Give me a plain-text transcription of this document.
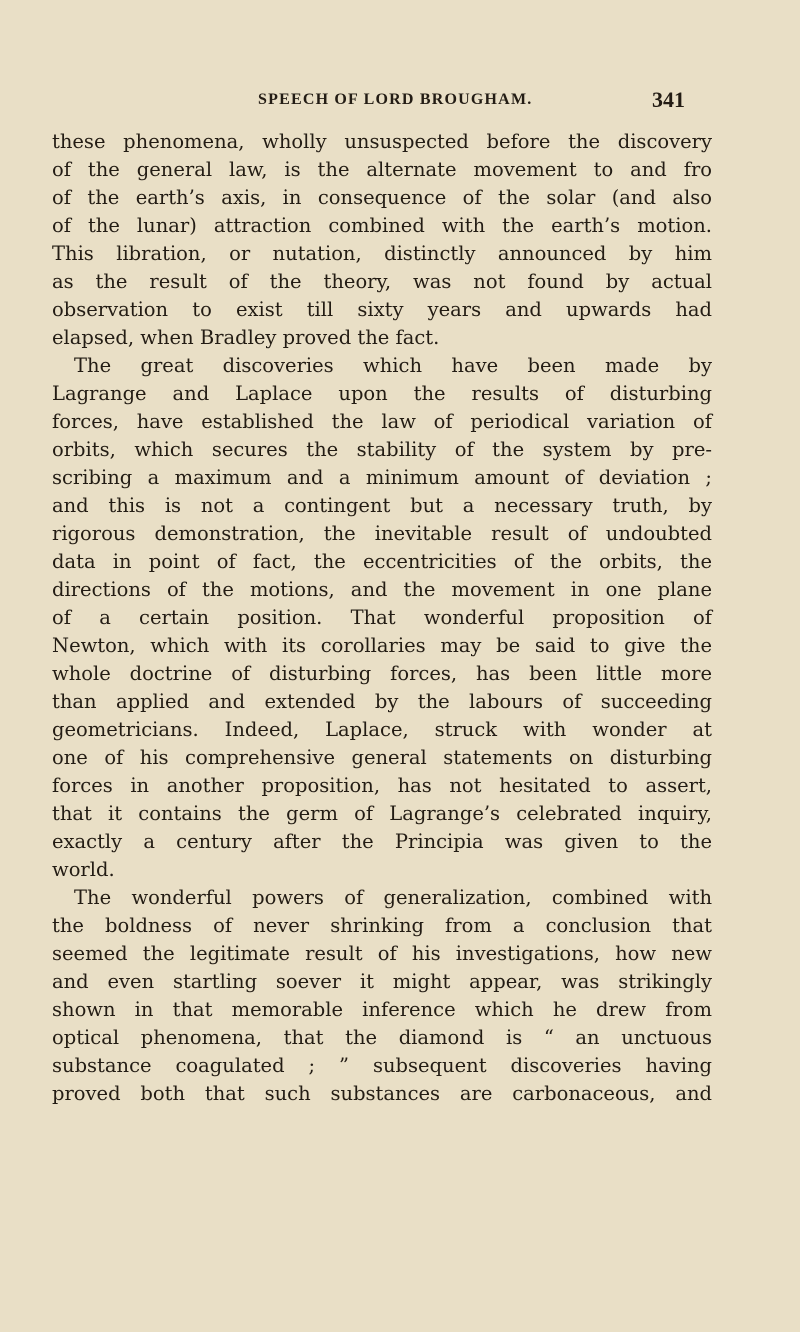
SPEECH OF LORD BROUGHAM.	341

these phenomena, wholly unsuspected before the discovery

of the general law, is the alternate movement to and fro

of the earth’s axis, in consequence of the solar (and also

of the lunar) attraction combined with the earth’s motion.

This libration, or nutation, distinctly announced by him

as the result of the theory, was not found by actual

observation to exist till sixty years and upwards had

elapsed, when Bradley proved the fact.

The great discoveries which have been made by

Lagrange and Laplace upon the results of disturbing

forces, have established the law of periodical variation of

orbits, which secures the stability of the system by pre-

scribing a maximum and a minimum amount of deviation ;

and this is not a contingent but a necessary truth, by

rigorous demonstration, the inevitable result of undoubted

data in point of fact, the eccentricities of the orbits, the

directions of the motions, and the movement in one plane

of a certain position. That wonderful proposition of

Newton, which with its corollaries may be said to give the

whole doctrine of disturbing forces, has been little more

than applied and extended by the labours of succeeding

geometricians. Indeed, Laplace, struck with wonder at

one of his comprehensive general statements on disturbing

forces in another proposition, has not hesitated to assert,

that it contains the germ of Lagrange’s celebrated inquiry,

exactly a century after the Principia was given to the

world.

The wonderful powers of generalization, combined with

the boldness of never shrinking from a conclusion that

seemed the legitimate result of his investigations, how new

and even startling soever it might appear, was strikingly

shown in that memorable inference which he drew from

optical phenomena, that the diamond is “ an unctuous

substance coagulated ; ” subsequent discoveries having

proved both that such substances are carbonaceous, and
